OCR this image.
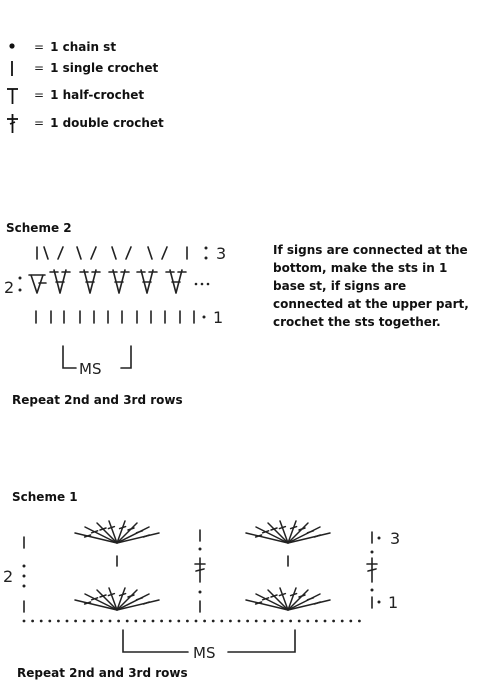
= 1 chain st
= 1 single crochet
= 1 half-crochet
= 1 double crochet
Scheme 2
If signs are connected at the bottom, make the sts in 1 base st, if signs are connected at the upper part, crochet the sts together.
3
2
1
MS
Repeat 2nd and 3rd rows
Scheme 1
3
2
1
MS
Repeat 2nd and 3rd rows
